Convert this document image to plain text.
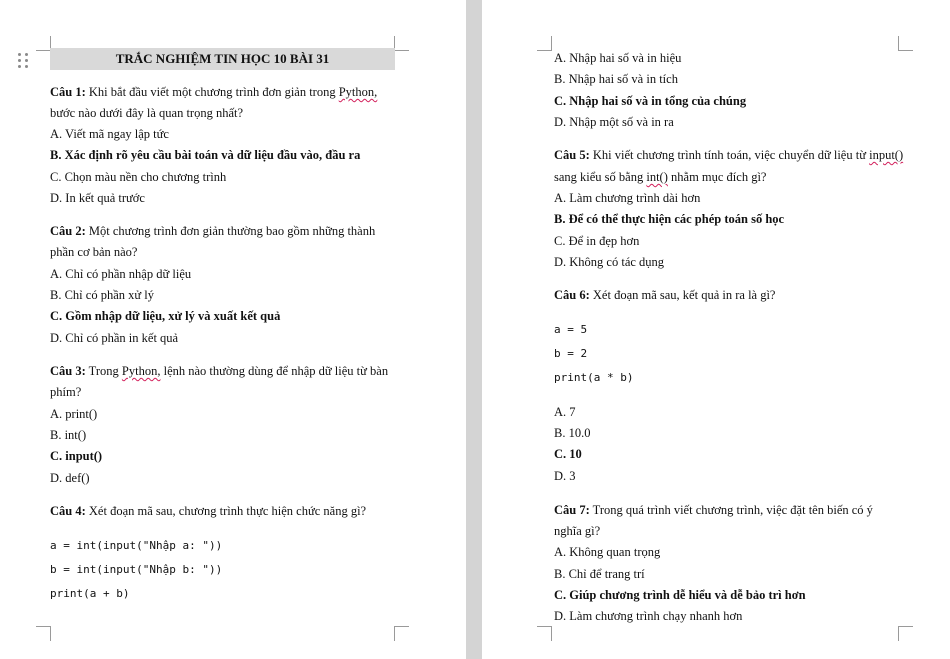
TRẮC NGHIỆM TIN HỌC 10 BÀI 31
Câu 1: Khi bắt đầu viết một chương trình đơn giản trong Python,
bước nào dưới đây là quan trọng nhất?
A. Viết mã ngay lập tức
B. Xác định rõ yêu cầu bài toán và dữ liệu đầu vào, đầu ra
C. Chọn màu nền cho chương trình
D. In kết quả trước
Câu 2: Một chương trình đơn giản thường bao gồm những thành
phần cơ bản nào?
A. Chỉ có phần nhập dữ liệu
B. Chỉ có phần xử lý
C. Gồm nhập dữ liệu, xử lý và xuất kết quả
D. Chỉ có phần in kết quả
Câu 3: Trong Python, lệnh nào thường dùng để nhập dữ liệu từ bàn
phím?
A. print()
B. int()
C. input()
D. def()
Câu 4: Xét đoạn mã sau, chương trình thực hiện chức năng gì?
a = int(input("Nhập a: "))
b = int(input("Nhập b: "))
print(a + b)
A. Nhập hai số và in hiệu
B. Nhập hai số và in tích
C. Nhập hai số và in tổng của chúng
D. Nhập một số và in ra
Câu 5: Khi viết chương trình tính toán, việc chuyển dữ liệu từ input()
sang kiểu số bằng int() nhằm mục đích gì?
A. Làm chương trình dài hơn
B. Để có thể thực hiện các phép toán số học
C. Để in đẹp hơn
D. Không có tác dụng
Câu 6: Xét đoạn mã sau, kết quả in ra là gì?
a = 5
b = 2
print(a * b)
A. 7
B. 10.0
C. 10
D. 3
Câu 7: Trong quá trình viết chương trình, việc đặt tên biến có ý
nghĩa gì?
A. Không quan trọng
B. Chỉ để trang trí
C. Giúp chương trình dễ hiểu và dễ bảo trì hơn
D. Làm chương trình chạy nhanh hơn
